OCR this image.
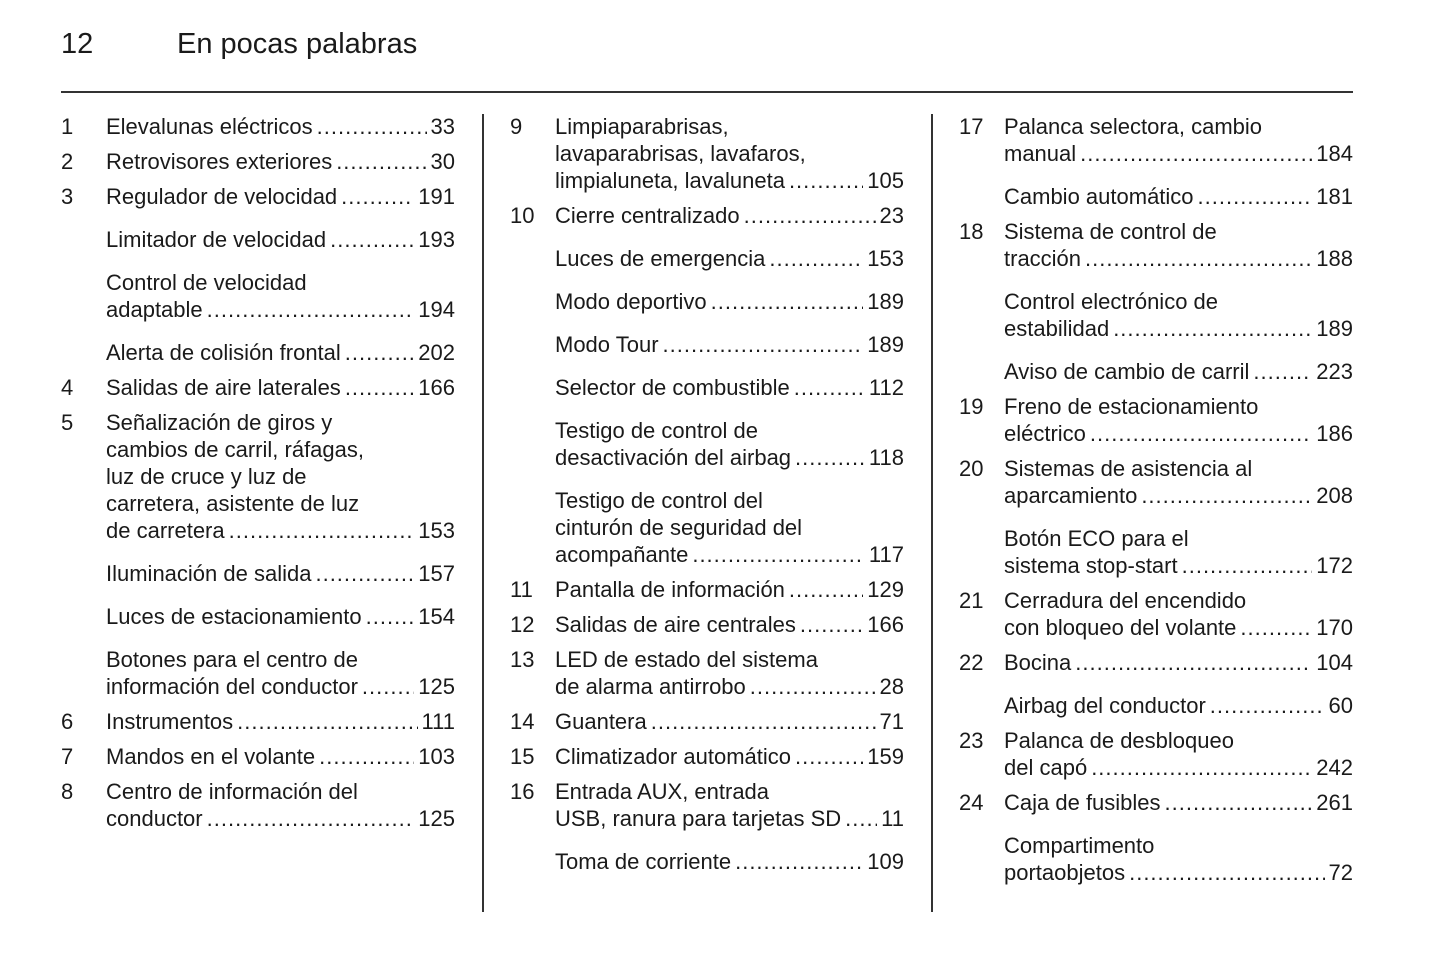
12	En pocas palabras
1 Elevalunas eléctricos .....	33
2 Retrovisores exteriores .....	30
3 Regulador de velocidad .....	191
Limitador de velocidad .....	193
Control de velocidad
adaptable .....	194
Alerta de colisión frontal .....	202
4 Salidas de aire laterales .....	166
5 Señalización de giros y
cambios de carril, ráfagas,
luz de cruce y luz de
carretera, asistente de luz
de carretera .....	153
Iluminación de salida .....	157
Luces de estacionamiento .....	154
Botones para el centro de
información del conductor .....	125
6 Instrumentos .....	111
7 Mandos en el volante .....	103
8 Centro de información del
conductor .....	125
9 Limpiaparabrisas,
lavaparabrisas, lavafaros,
limpialuneta, lavaluneta .....	105
10 Cierre centralizado .....	23
Luces de emergencia .....	153
Modo deportivo .....	189
Modo Tour .....	189
Selector de combustible .....	112
Testigo de control de
desactivación del airbag .....	118
Testigo de control del
cinturón de seguridad del
acompañante .....	117
11 Pantalla de información .....	129
12 Salidas de aire centrales .....	166
13 LED de estado del sistema
de alarma antirrobo .....	28
14 Guantera .....	71
15 Climatizador automático .....	159
16 Entrada AUX, entrada
USB, ranura para tarjetas SD ..... 11
Toma de corriente .....	109
17 Palanca selectora, cambio
manual .....	184
Cambio automático .....	181
18 Sistema de control de
tracción .....	188
Control electrónico de
estabilidad .....	189
Aviso de cambio de carril .....	223
19 Freno de estacionamiento
eléctrico .....	186
20 Sistemas de asistencia al
aparcamiento .....	208
Botón ECO para el
sistema stop-start .....	172
21 Cerradura del encendido
con bloqueo del volante .....	170
22 Bocina .....	104
Airbag del conductor .....	60
23 Palanca de desbloqueo
del capó .....	242
24 Caja de fusibles .....	261
Compartimento
portaobjetos .....	72
